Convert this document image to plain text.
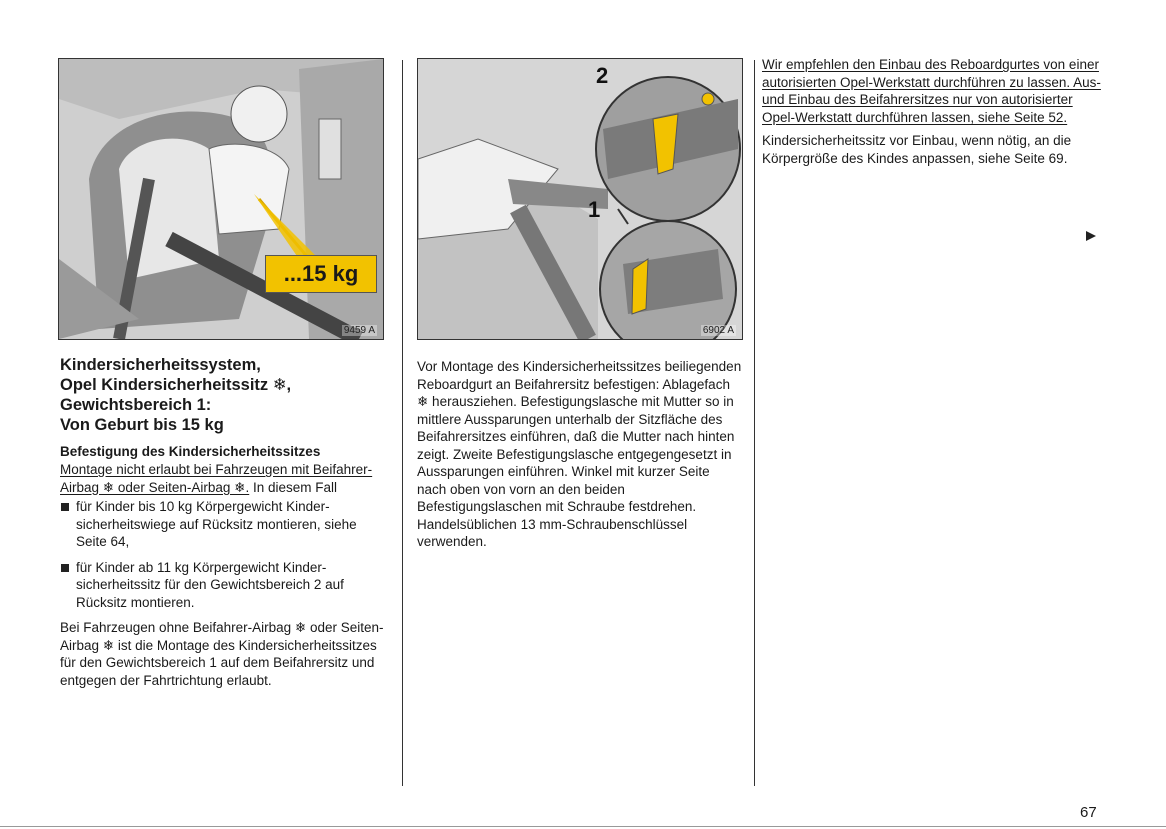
...15 kg
9459 A
2
1
6902 A
Kindersicherheitssystem,
Opel Kindersicherheitssitz ❄,
Gewichtsbereich 1:
Von Geburt bis 15 kg
Befestigung des Kindersicherheitssitzes

Montage nicht erlaubt bei Fahrzeugen mit Beifahrer-Airbag ❄ oder Seiten-Airbag ❄. In diesem Fall

für Kinder bis 10 kg Körpergewicht Kindersicherheitswiege auf Rücksitz montieren, siehe Seite 64,
für Kinder ab 11 kg Körpergewicht Kindersicherheitssitz für den Gewichtsbereich 2 auf Rücksitz montieren.

Bei Fahrzeugen ohne Beifahrer-Airbag ❄ oder Seiten-Airbag ❄ ist die Montage des Kindersicherheitssitzes für den Gewichtsbereich 1 auf dem Beifahrersitz und entgegen der Fahrtrichtung erlaubt.

Vor Montage des Kindersicherheitssitzes beiliegenden Reboardgurt an Beifahrersitz befestigen: Ablagefach ❄ herausziehen. Befestigungslasche mit Mutter so in mittlere Aussparungen unterhalb der Sitzfläche des Beifahrersitzes einführen, daß die Mutter nach hinten zeigt. Zweite Befestigungslasche entgegengesetzt in Aussparungen einführen. Winkel mit kurzer Seite nach oben von vorn an den beiden Befestigungslaschen mit Schraube festdrehen. Handelsüblichen 13 mm-Schraubenschlüssel verwenden.

Wir empfehlen den Einbau des Reboardgurtes von einer autorisierten Opel-Werkstatt durchführen zu lassen. Aus- und Einbau des Beifahrersitzes nur von autorisierter Opel-Werkstatt durchführen lassen, siehe Seite 52.

Kindersicherheitssitz vor Einbau, wenn nötig, an die Körpergröße des Kindes anpassen, siehe Seite 69.

67
